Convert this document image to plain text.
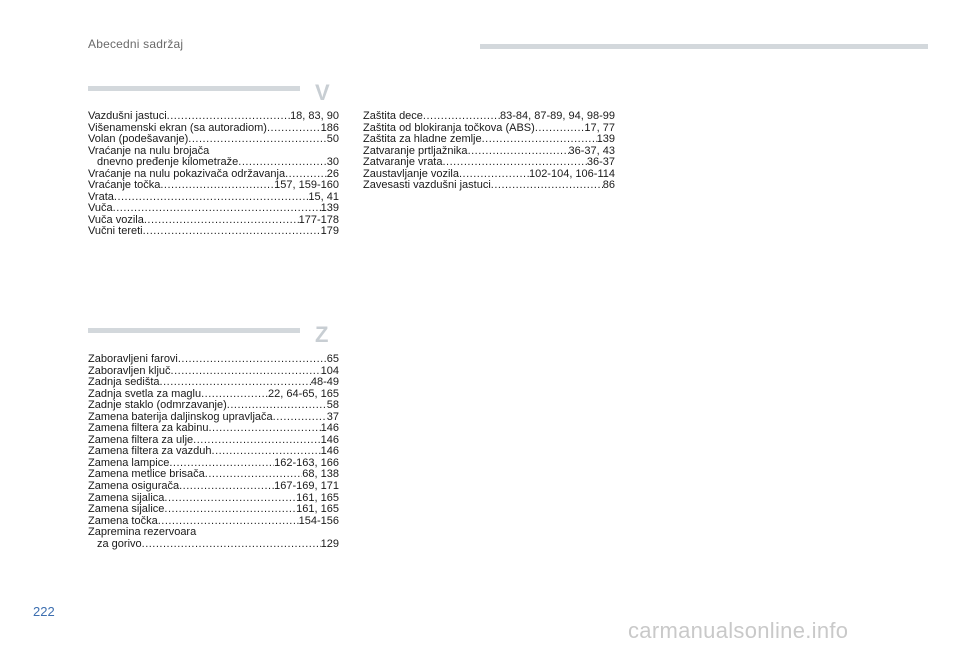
Abecedni sadržaj
V
Vazdušni jastuci .....	18, 83, 90
Višenamenski ekran (sa autoradiom) .....	186
Volan (podešavanje) .....	50
Vraćanje na nulu brojača
dnevno pređenje kilometraže .....	30
Vraćanje na nulu pokazivača održavanja .....	26
Vraćanje točka .....	157, 159-160
Vrata .....	15, 41
Vuča .....	139
Vuča vozila .....	177-178
Vučni tereti .....	179
Zaštita dece .....	83-84, 87-89, 94, 98-99
Zaštita od blokiranja točkova (ABS) .....	17, 77
Zaštita za hladne zemlje .....	139
Zatvaranje prtljažnika .....	36-37, 43
Zatvaranje vrata .....	36-37
Zaustavljanje vozila .....	102-104, 106-114
Zavesasti vazdušni jastuci .....	86
Z
Zaboravljeni farovi .....	65
Zaboravljen ključ .....	104
Zadnja sedišta .....	48-49
Zadnja svetla za maglu .....	22, 64-65, 165
Zadnje staklo (odmrzavanje) .....	58
Zamena baterija daljinskog upravljača .....	37
Zamena filtera za kabinu .....	146
Zamena filtera za ulje .....	146
Zamena filtera za vazduh .....	146
Zamena lampice .....	162-163, 166
Zamena metlice brisača .....	68, 138
Zamena osigurača .....	167-169, 171
Zamena sijalica .....	161, 165
Zamena sijalice .....	161, 165
Zamena točka .....	154-156
Zapremina rezervoara
za gorivo .....	129
222
carmanualsonline.info
